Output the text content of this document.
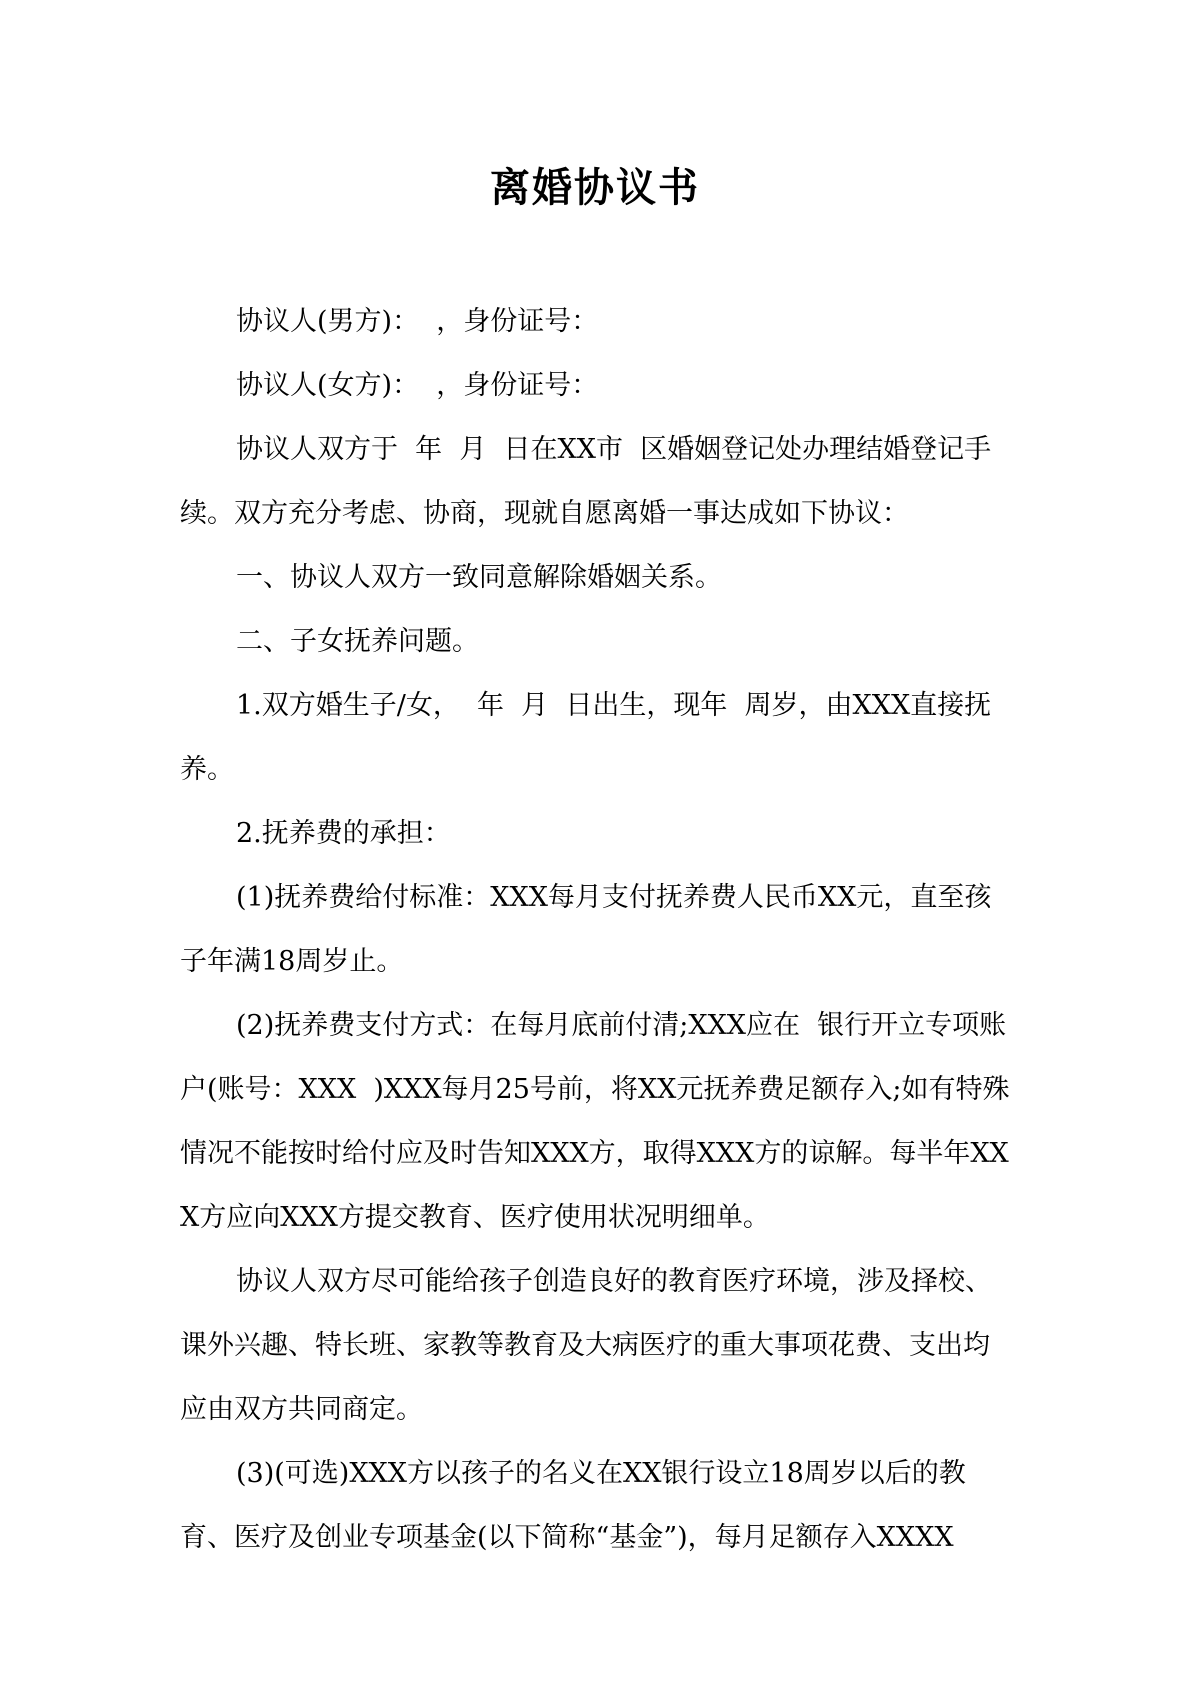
离婚协议书

协议人(男方)：  ，身份证号：

协议人(女方)：  ，身份证号：

协议人双方于  年  月  日在XX市  区婚姻登记处办理结婚登记手续。双方充分考虑、协商，现就自愿离婚一事达成如下协议：

一、协议人双方一致同意解除婚姻关系。

二、子女抚养问题。

1.双方婚生子/女，  年  月  日出生，现年  周岁，由XXX直接抚养。

2.抚养费的承担：

(1)抚养费给付标准：XXX每月支付抚养费人民币XX元，直至孩子年满18周岁止。

(2)抚养费支付方式：在每月底前付清;XXX应在  银行开立专项账户(账号：XXX  )XXX每月25号前，将XX元抚养费足额存入;如有特殊情况不能按时给付应及时告知XXX方，取得XXX方的谅解。每半年XXX方应向XXX方提交教育、医疗使用状况明细单。

协议人双方尽可能给孩子创造良好的教育医疗环境，涉及择校、课外兴趣、特长班、家教等教育及大病医疗的重大事项花费、支出均应由双方共同商定。

(3)(可选)XXX方以孩子的名义在XX银行设立18周岁以后的教育、医疗及创业专项基金(以下简称“基金”)，每月足额存入XXXX
